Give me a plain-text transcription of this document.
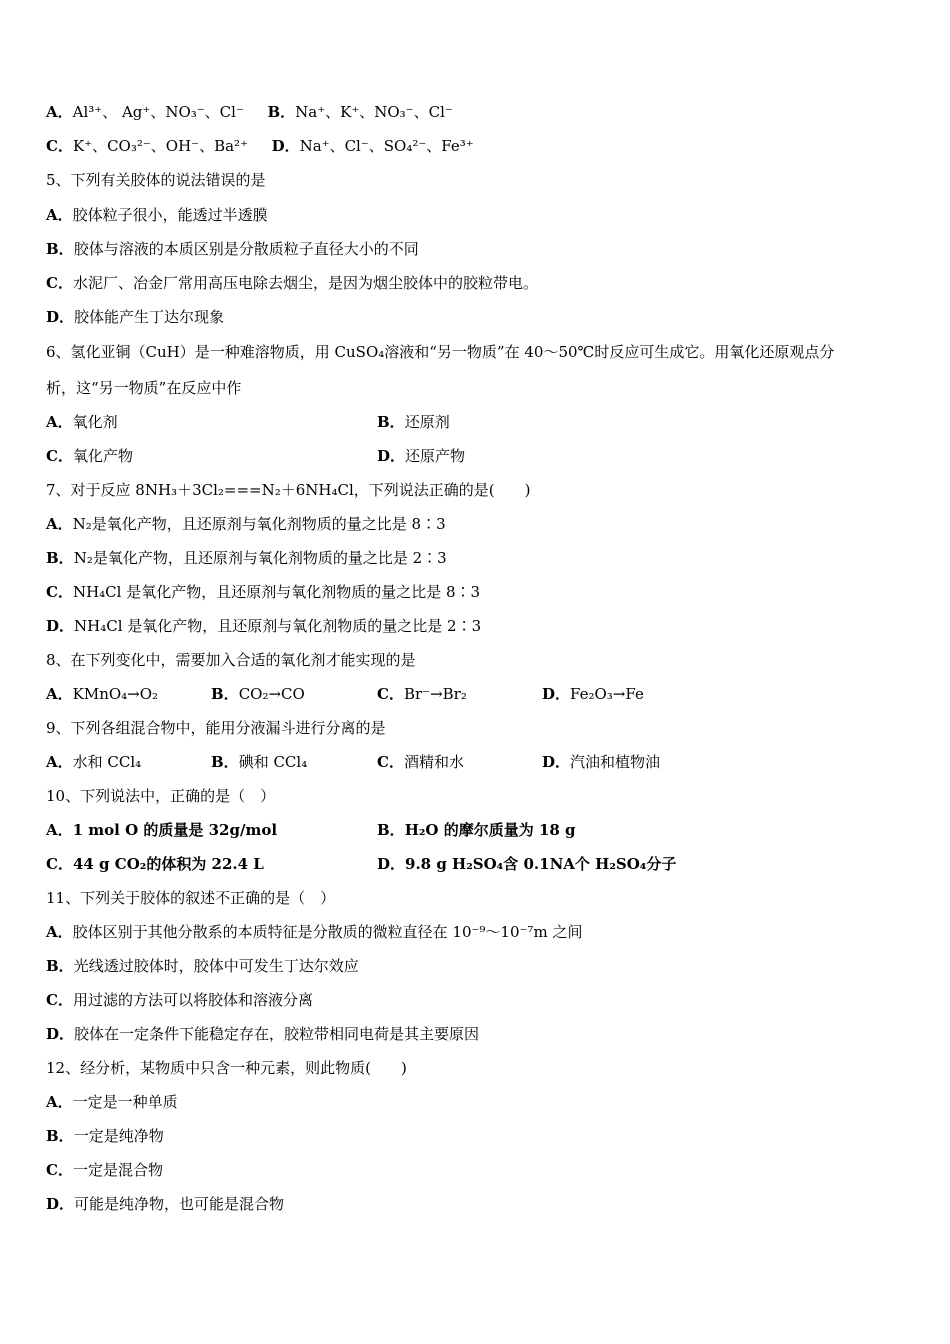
A．Al³⁺、 Ag⁺、NO₃⁻、Cl⁻ B．Na⁺、K⁺、NO₃⁻、Cl⁻
C．K⁺、CO₃²⁻、OH⁻、Ba²⁺ D．Na⁺、Cl⁻、SO₄²⁻、Fe³⁺
5、下列有关胶体的说法错误的是
A．胶体粒子很小，能透过半透膜
B．胶体与溶液的本质区别是分散质粒子直径大小的不同
C．水泥厂、冶金厂常用高压电除去烟尘，是因为烟尘胶体中的胶粒带电。
D．胶体能产生丁达尔现象
6、氢化亚铜（CuH）是一种难溶物质，用 CuSO₄溶液和“另一物质”在 40～50℃时反应可生成它。用氧化还原观点分
析，这“另一物质”在反应中作
A．氧化剂	B．还原剂
C．氧化产物	D．还原产物
7、对于反应 8NH₃＋3Cl₂===N₂＋6NH₄Cl，下列说法正确的是(　　)
A．N₂是氧化产物，且还原剂与氧化剂物质的量之比是 8∶3
B．N₂是氧化产物，且还原剂与氧化剂物质的量之比是 2∶3
C．NH₄Cl 是氧化产物，且还原剂与氧化剂物质的量之比是 8∶3
D．NH₄Cl 是氧化产物，且还原剂与氧化剂物质的量之比是 2∶3
8、在下列变化中，需要加入合适的氧化剂才能实现的是
A．KMnO₄→O₂	B．CO₂→CO	C．Br⁻→Br₂	D．Fe₂O₃→Fe
9、下列各组混合物中，能用分液漏斗进行分离的是
A．水和 CCl₄	B．碘和 CCl₄	C．酒精和水	D．汽油和植物油
10、下列说法中，正确的是（　）
A．1 mol O 的质量是 32g/mol	B．H₂O 的摩尔质量为 18 g
C．44 g CO₂的体积为 22.4 L	D．9.8 g H₂SO₄含 0.1NA个 H₂SO₄分子
11、下列关于胶体的叙述不正确的是（　）
A．胶体区别于其他分散系的本质特征是分散质的微粒直径在 10⁻⁹～10⁻⁷m 之间
B．光线透过胶体时，胶体中可发生丁达尔效应
C．用过滤的方法可以将胶体和溶液分离
D．胶体在一定条件下能稳定存在，胶粒带相同电荷是其主要原因
12、经分析，某物质中只含一种元素，则此物质(　　)
A．一定是一种单质
B．一定是纯净物
C．一定是混合物
D．可能是纯净物，也可能是混合物
